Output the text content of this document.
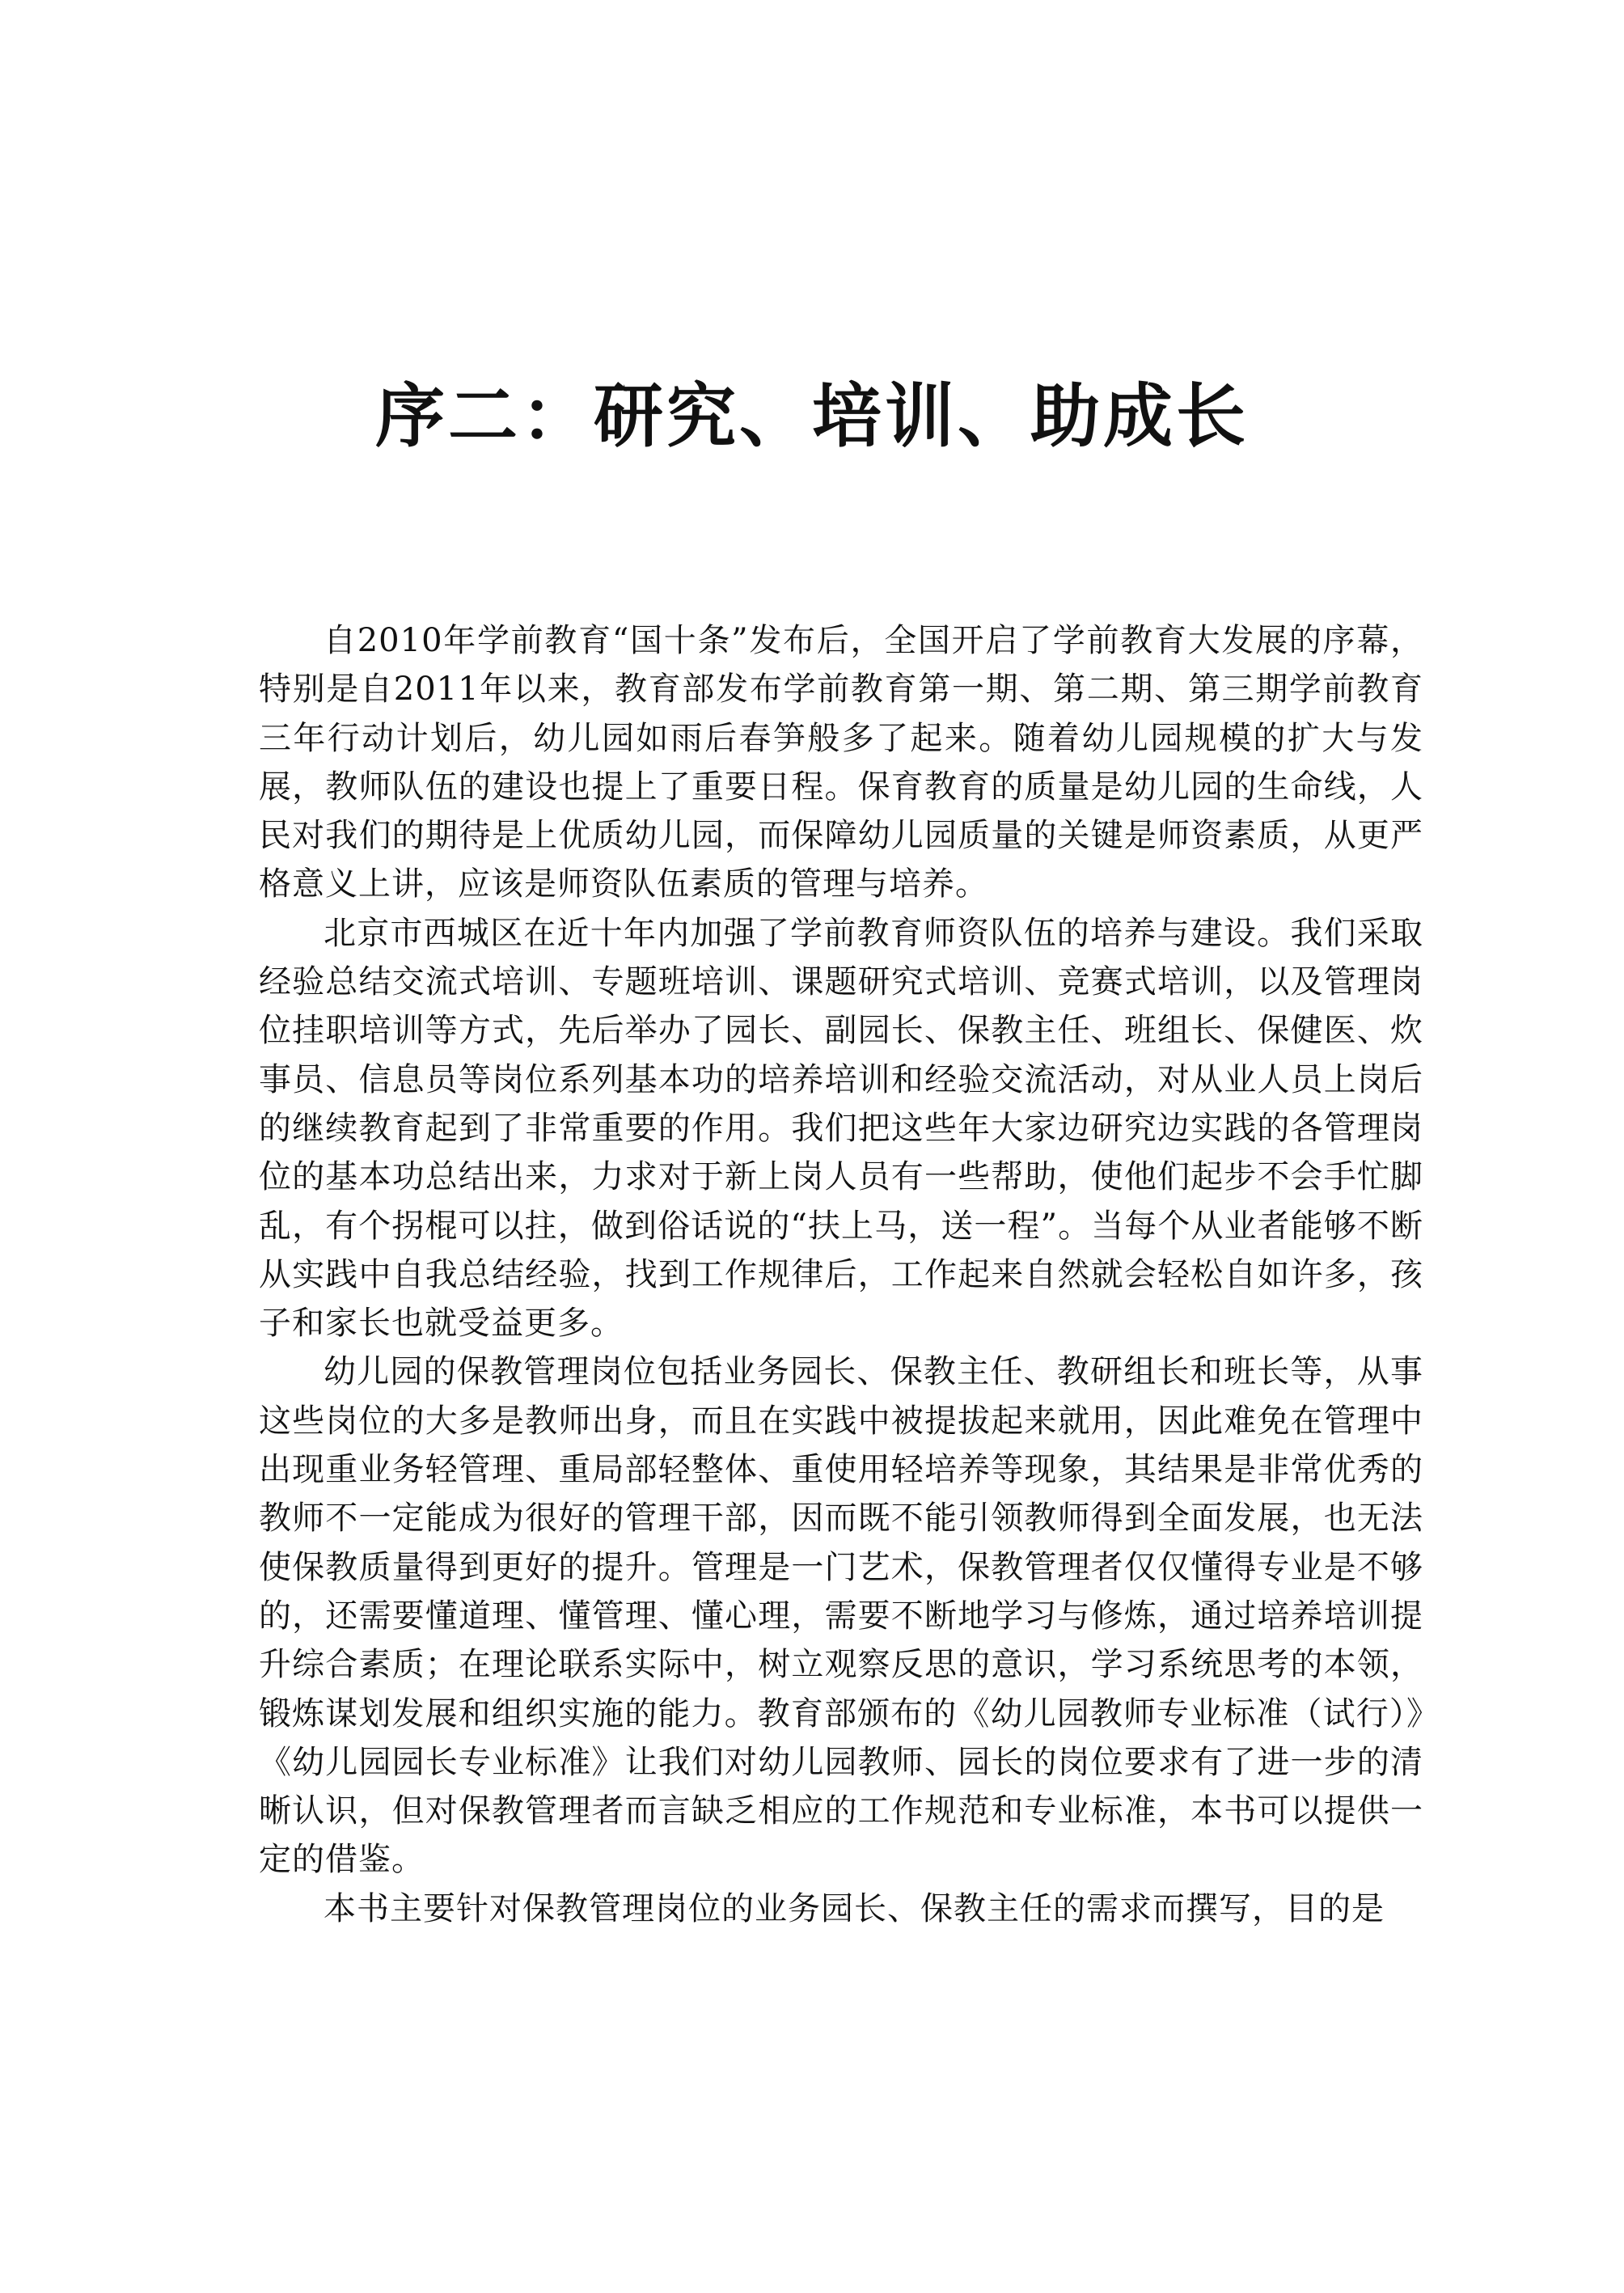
序二：研究、培训、助成长

自2010年学前教育“国十条”发布后，全国开启了学前教育大发展的序幕，特别是自2011年以来，教育部发布学前教育第一期、第二期、第三期学前教育三年行动计划后，幼儿园如雨后春笋般多了起来。随着幼儿园规模的扩大与发展，教师队伍的建设也提上了重要日程。保育教育的质量是幼儿园的生命线，人民对我们的期待是上优质幼儿园，而保障幼儿园质量的关键是师资素质，从更严格意义上讲，应该是师资队伍素质的管理与培养。

北京市西城区在近十年内加强了学前教育师资队伍的培养与建设。我们采取经验总结交流式培训、专题班培训、课题研究式培训、竞赛式培训，以及管理岗位挂职培训等方式，先后举办了园长、副园长、保教主任、班组长、保健医、炊事员、信息员等岗位系列基本功的培养培训和经验交流活动，对从业人员上岗后的继续教育起到了非常重要的作用。我们把这些年大家边研究边实践的各管理岗位的基本功总结出来，力求对于新上岗人员有一些帮助，使他们起步不会手忙脚乱，有个拐棍可以拄，做到俗话说的“扶上马，送一程”。当每个从业者能够不断从实践中自我总结经验，找到工作规律后，工作起来自然就会轻松自如许多，孩子和家长也就受益更多。

幼儿园的保教管理岗位包括业务园长、保教主任、教研组长和班长等，从事这些岗位的大多是教师出身，而且在实践中被提拔起来就用，因此难免在管理中出现重业务轻管理、重局部轻整体、重使用轻培养等现象，其结果是非常优秀的教师不一定能成为很好的管理干部，因而既不能引领教师得到全面发展，也无法使保教质量得到更好的提升。管理是一门艺术，保教管理者仅仅懂得专业是不够的，还需要懂道理、懂管理、懂心理，需要不断地学习与修炼，通过培养培训提升综合素质；在理论联系实际中，树立观察反思的意识，学习系统思考的本领，锻炼谋划发展和组织实施的能力。教育部颁布的《幼儿园教师专业标准（试行）》《幼儿园园长专业标准》让我们对幼儿园教师、园长的岗位要求有了进一步的清晰认识，但对保教管理者而言缺乏相应的工作规范和专业标准，本书可以提供一定的借鉴。

本书主要针对保教管理岗位的业务园长、保教主任的需求而撰写，目的是
